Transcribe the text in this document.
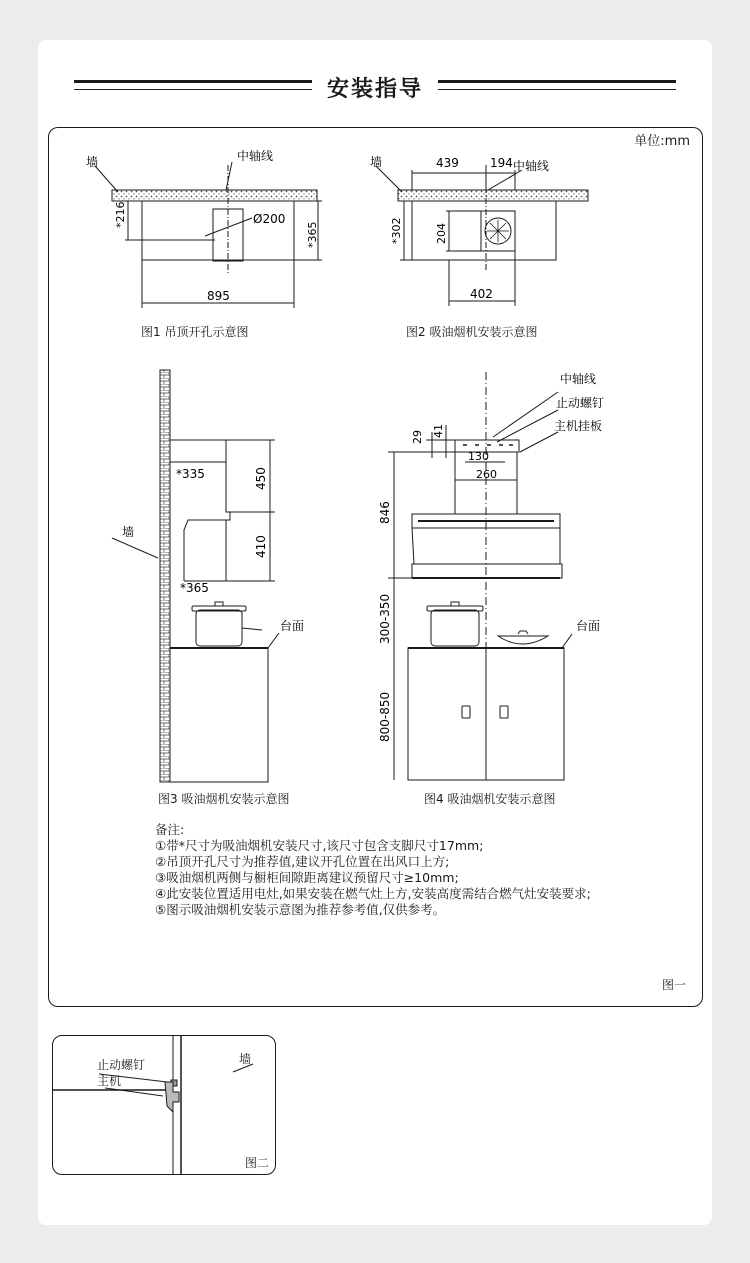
安装指导
单位:mm
墙	中轴线
Ø200
*216
*365
895
墙	中轴线
439	194
*302	204
402
墙
*335	450
410
*365
台面
中轴线
止动螺钉
主机挂板
29 41
130
260
846
300-350
800-850
台面
图1 吊顶开孔示意图	图2 吸油烟机安装示意图
图3 吸油烟机安装示意图	图4 吸油烟机安装示意图
备注:
①带*尺寸为吸油烟机安装尺寸,该尺寸包含支脚尺寸17mm;
②吊顶开孔尺寸为推荐值,建议开孔位置在出风口上方;
③吸油烟机两侧与橱柜间隙距离建议预留尺寸≥10mm;
④此安装位置适用电灶,如果安装在燃气灶上方,安装高度需结合燃气灶安装要求;
⑤图示吸油烟机安装示意图为推荐参考值,仅供参考。
图一
止动螺钉
主机
墙
图二
